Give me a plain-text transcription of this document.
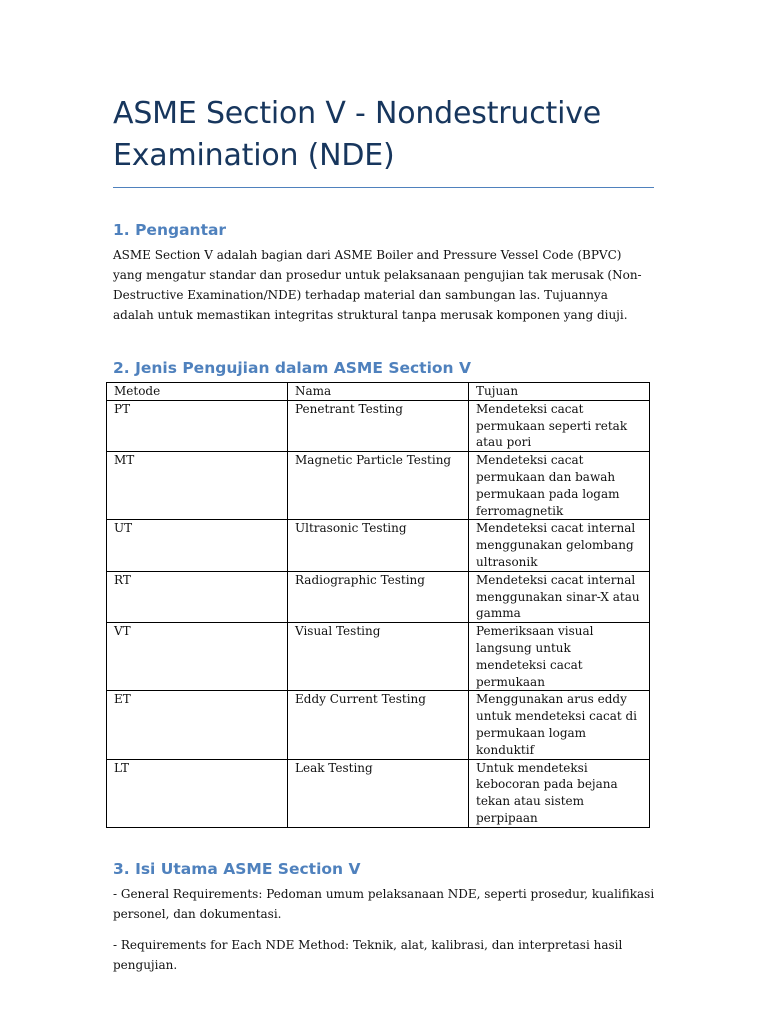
ASME Section V - Nondestructive Examination (NDE)
1. Pengantar

ASME Section V adalah bagian dari ASME Boiler and Pressure Vessel Code (BPVC) yang mengatur standar dan prosedur untuk pelaksanaan pengujian tak merusak (Non-Destructive Examination/NDE) terhadap material dan sambungan las. Tujuannya adalah untuk memastikan integritas struktural tanpa merusak komponen yang diuji.

2. Jenis Pengujian dalam ASME Section V
Metode	Nama	Tujuan
PT	Penetrant Testing	Mendeteksi cacat permukaan seperti retak atau pori
MT	Magnetic Particle Testing	Mendeteksi cacat permukaan dan bawah permukaan pada logam ferromagnetik
UT	Ultrasonic Testing	Mendeteksi cacat internal menggunakan gelombang ultrasonik
RT	Radiographic Testing	Mendeteksi cacat internal menggunakan sinar-X atau gamma
VT	Visual Testing	Pemeriksaan visual langsung untuk mendeteksi cacat permukaan
ET	Eddy Current Testing	Menggunakan arus eddy untuk mendeteksi cacat di permukaan logam konduktif
LT	Leak Testing	Untuk mendeteksi kebocoran pada bejana tekan atau sistem perpipaan
3. Isi Utama ASME Section V

- General Requirements: Pedoman umum pelaksanaan NDE, seperti prosedur, kualifikasi personel, dan dokumentasi.

- Requirements for Each NDE Method: Teknik, alat, kalibrasi, dan interpretasi hasil pengujian.
